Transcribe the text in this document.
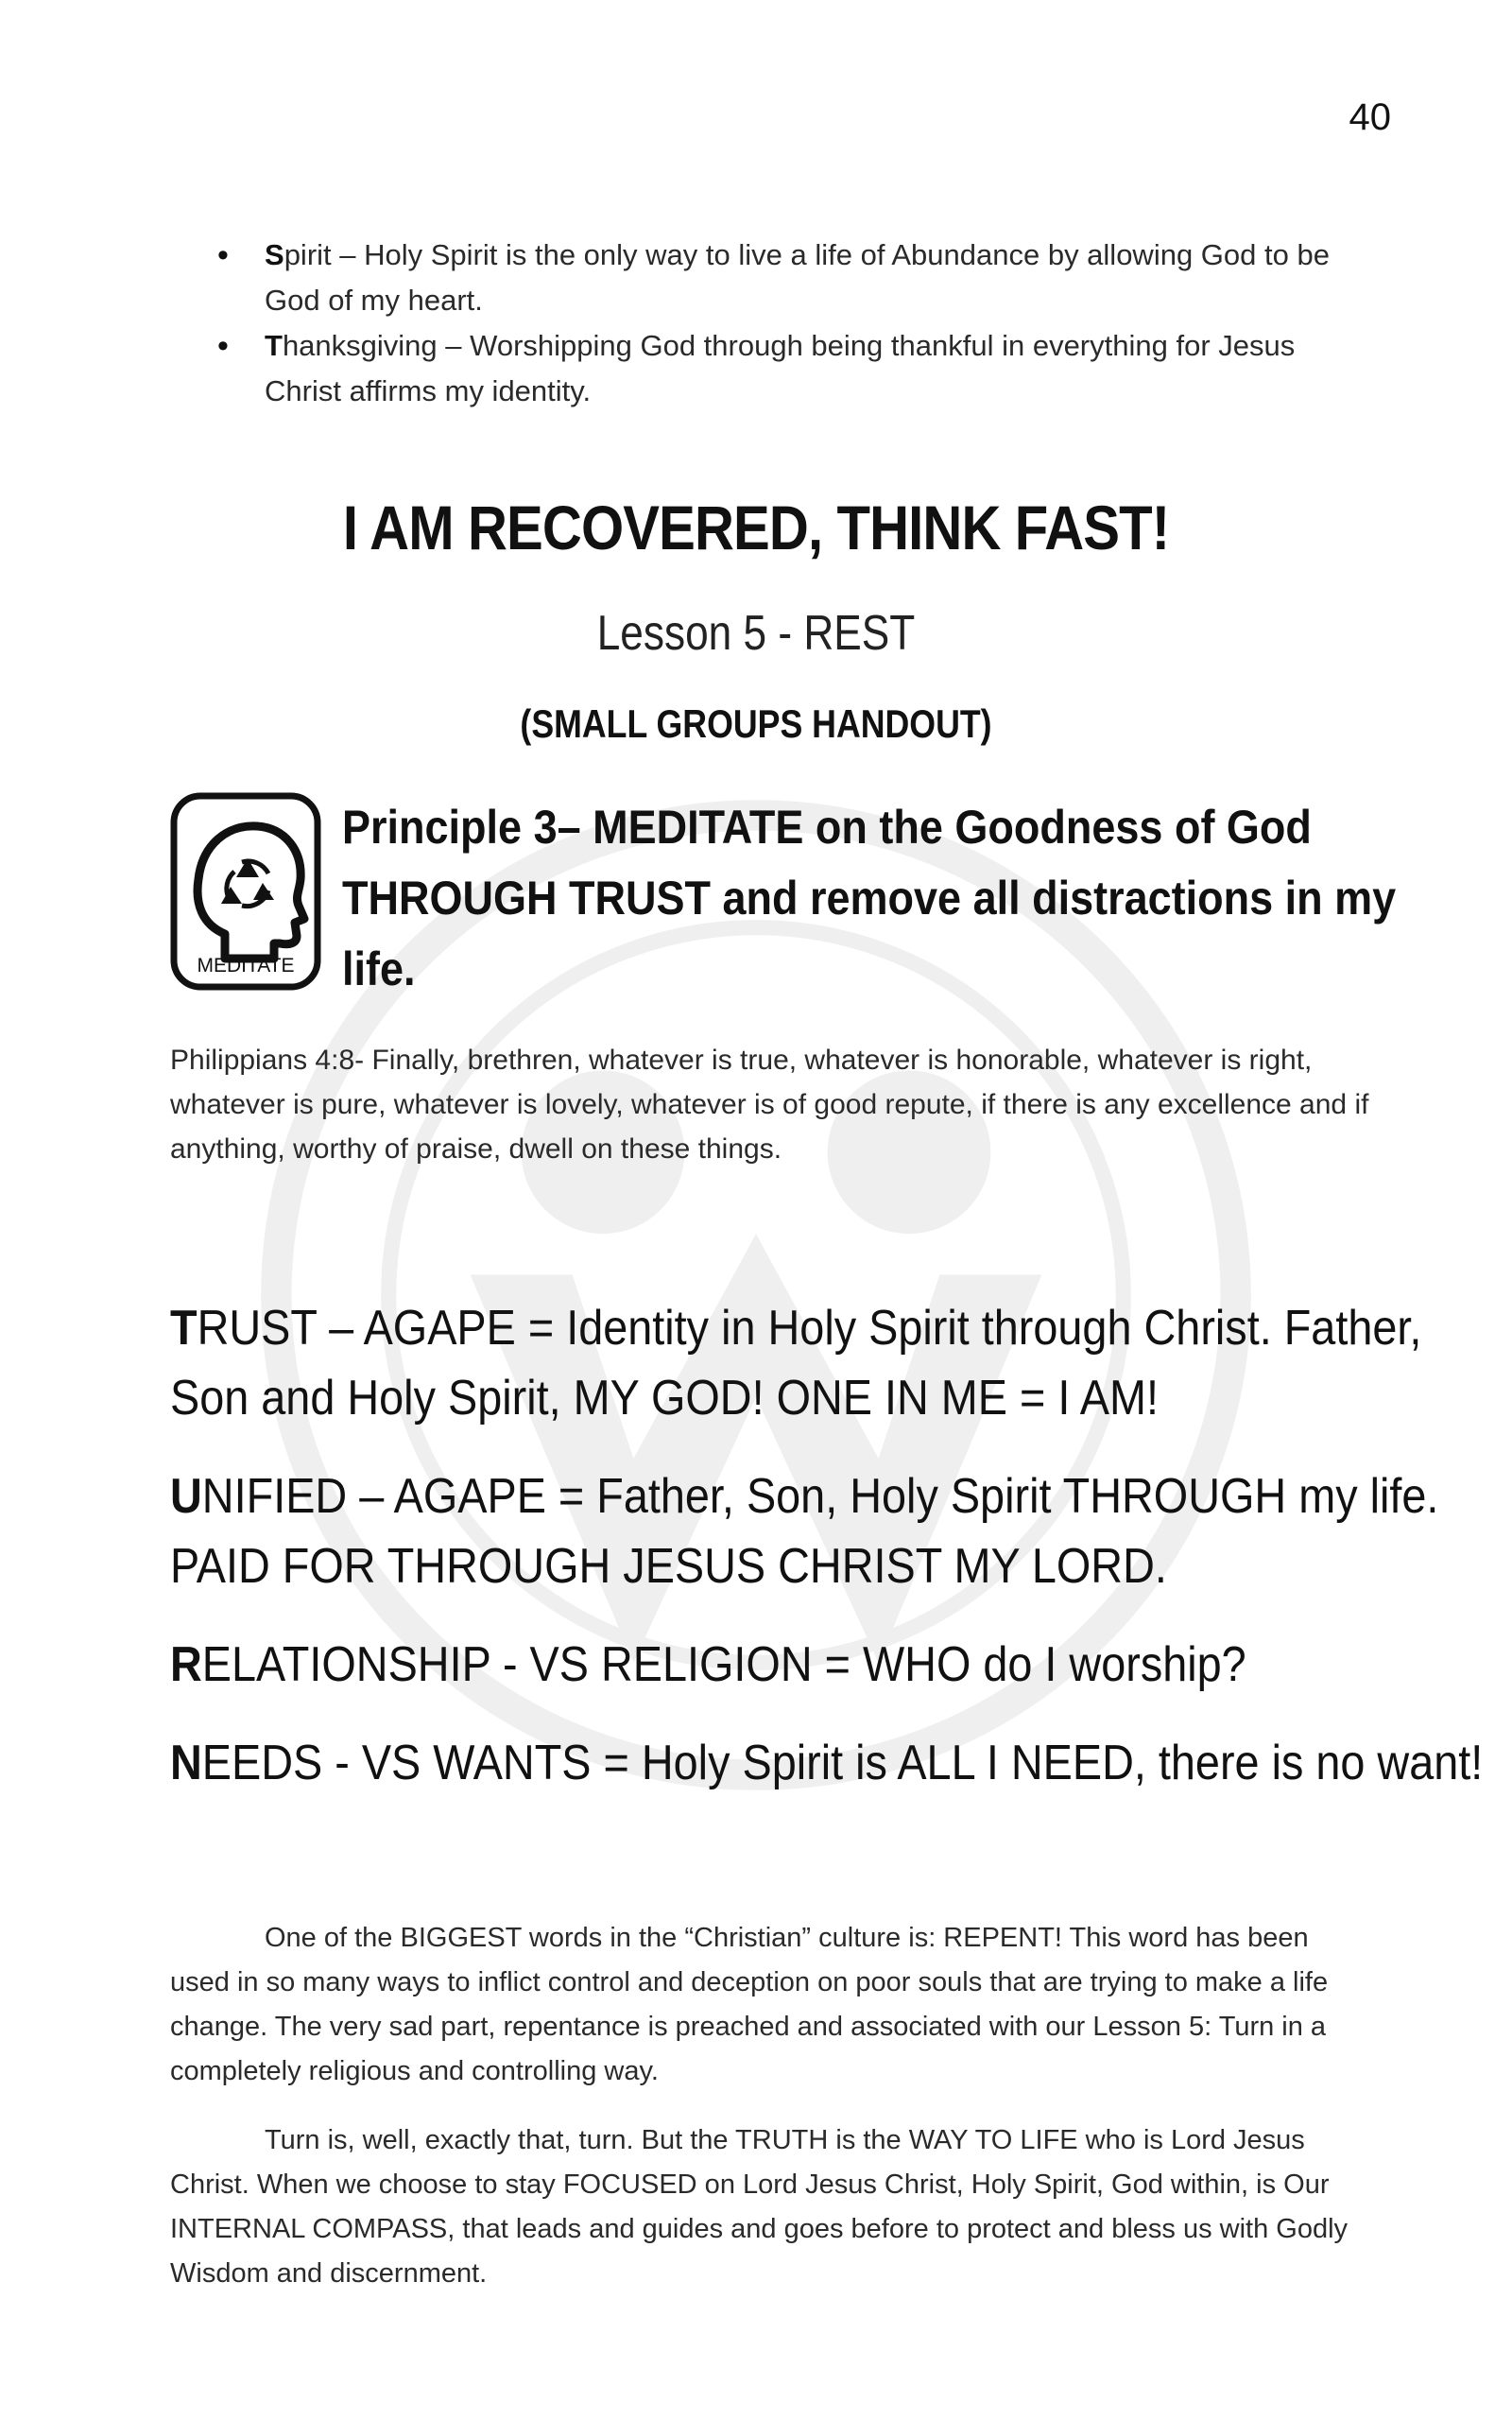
40
• Spirit – Holy Spirit is the only way to live a life of Abundance by allowing God to be God of my heart.
• Thanksgiving – Worshipping God through being thankful in everything for Jesus Christ affirms my identity.
I AM RECOVERED, THINK FAST!
Lesson 5 - REST
(SMALL GROUPS HANDOUT)
MEDITATE
Principle 3– MEDITATE on the Goodness of God
THROUGH TRUST and remove all distractions in my
life.
Philippians 4:8- Finally, brethren, whatever is true, whatever is honorable, whatever is right, whatever is pure, whatever is lovely, whatever is of good repute, if there is any excellence and if anything, worthy of praise, dwell on these things.
TRUST – AGAPE = Identity in Holy Spirit through Christ. Father,
Son and Holy Spirit, MY GOD! ONE IN ME = I AM!
UNIFIED – AGAPE = Father, Son, Holy Spirit THROUGH my life.
PAID FOR THROUGH JESUS CHRIST MY LORD.
RELATIONSHIP - VS RELIGION = WHO do I worship?
NEEDS - VS WANTS = Holy Spirit is ALL I NEED, there is no want!

One of the BIGGEST words in the “Christian” culture is: REPENT! This word has been used in so many ways to inflict control and deception on poor souls that are trying to make a life change. The very sad part, repentance is preached and associated with our Lesson 5: Turn in a completely religious and controlling way.

Turn is, well, exactly that, turn. But the TRUTH is the WAY TO LIFE who is Lord Jesus Christ. When we choose to stay FOCUSED on Lord Jesus Christ, Holy Spirit, God within, is Our INTERNAL COMPASS, that leads and guides and goes before to protect and bless us with Godly Wisdom and discernment.
